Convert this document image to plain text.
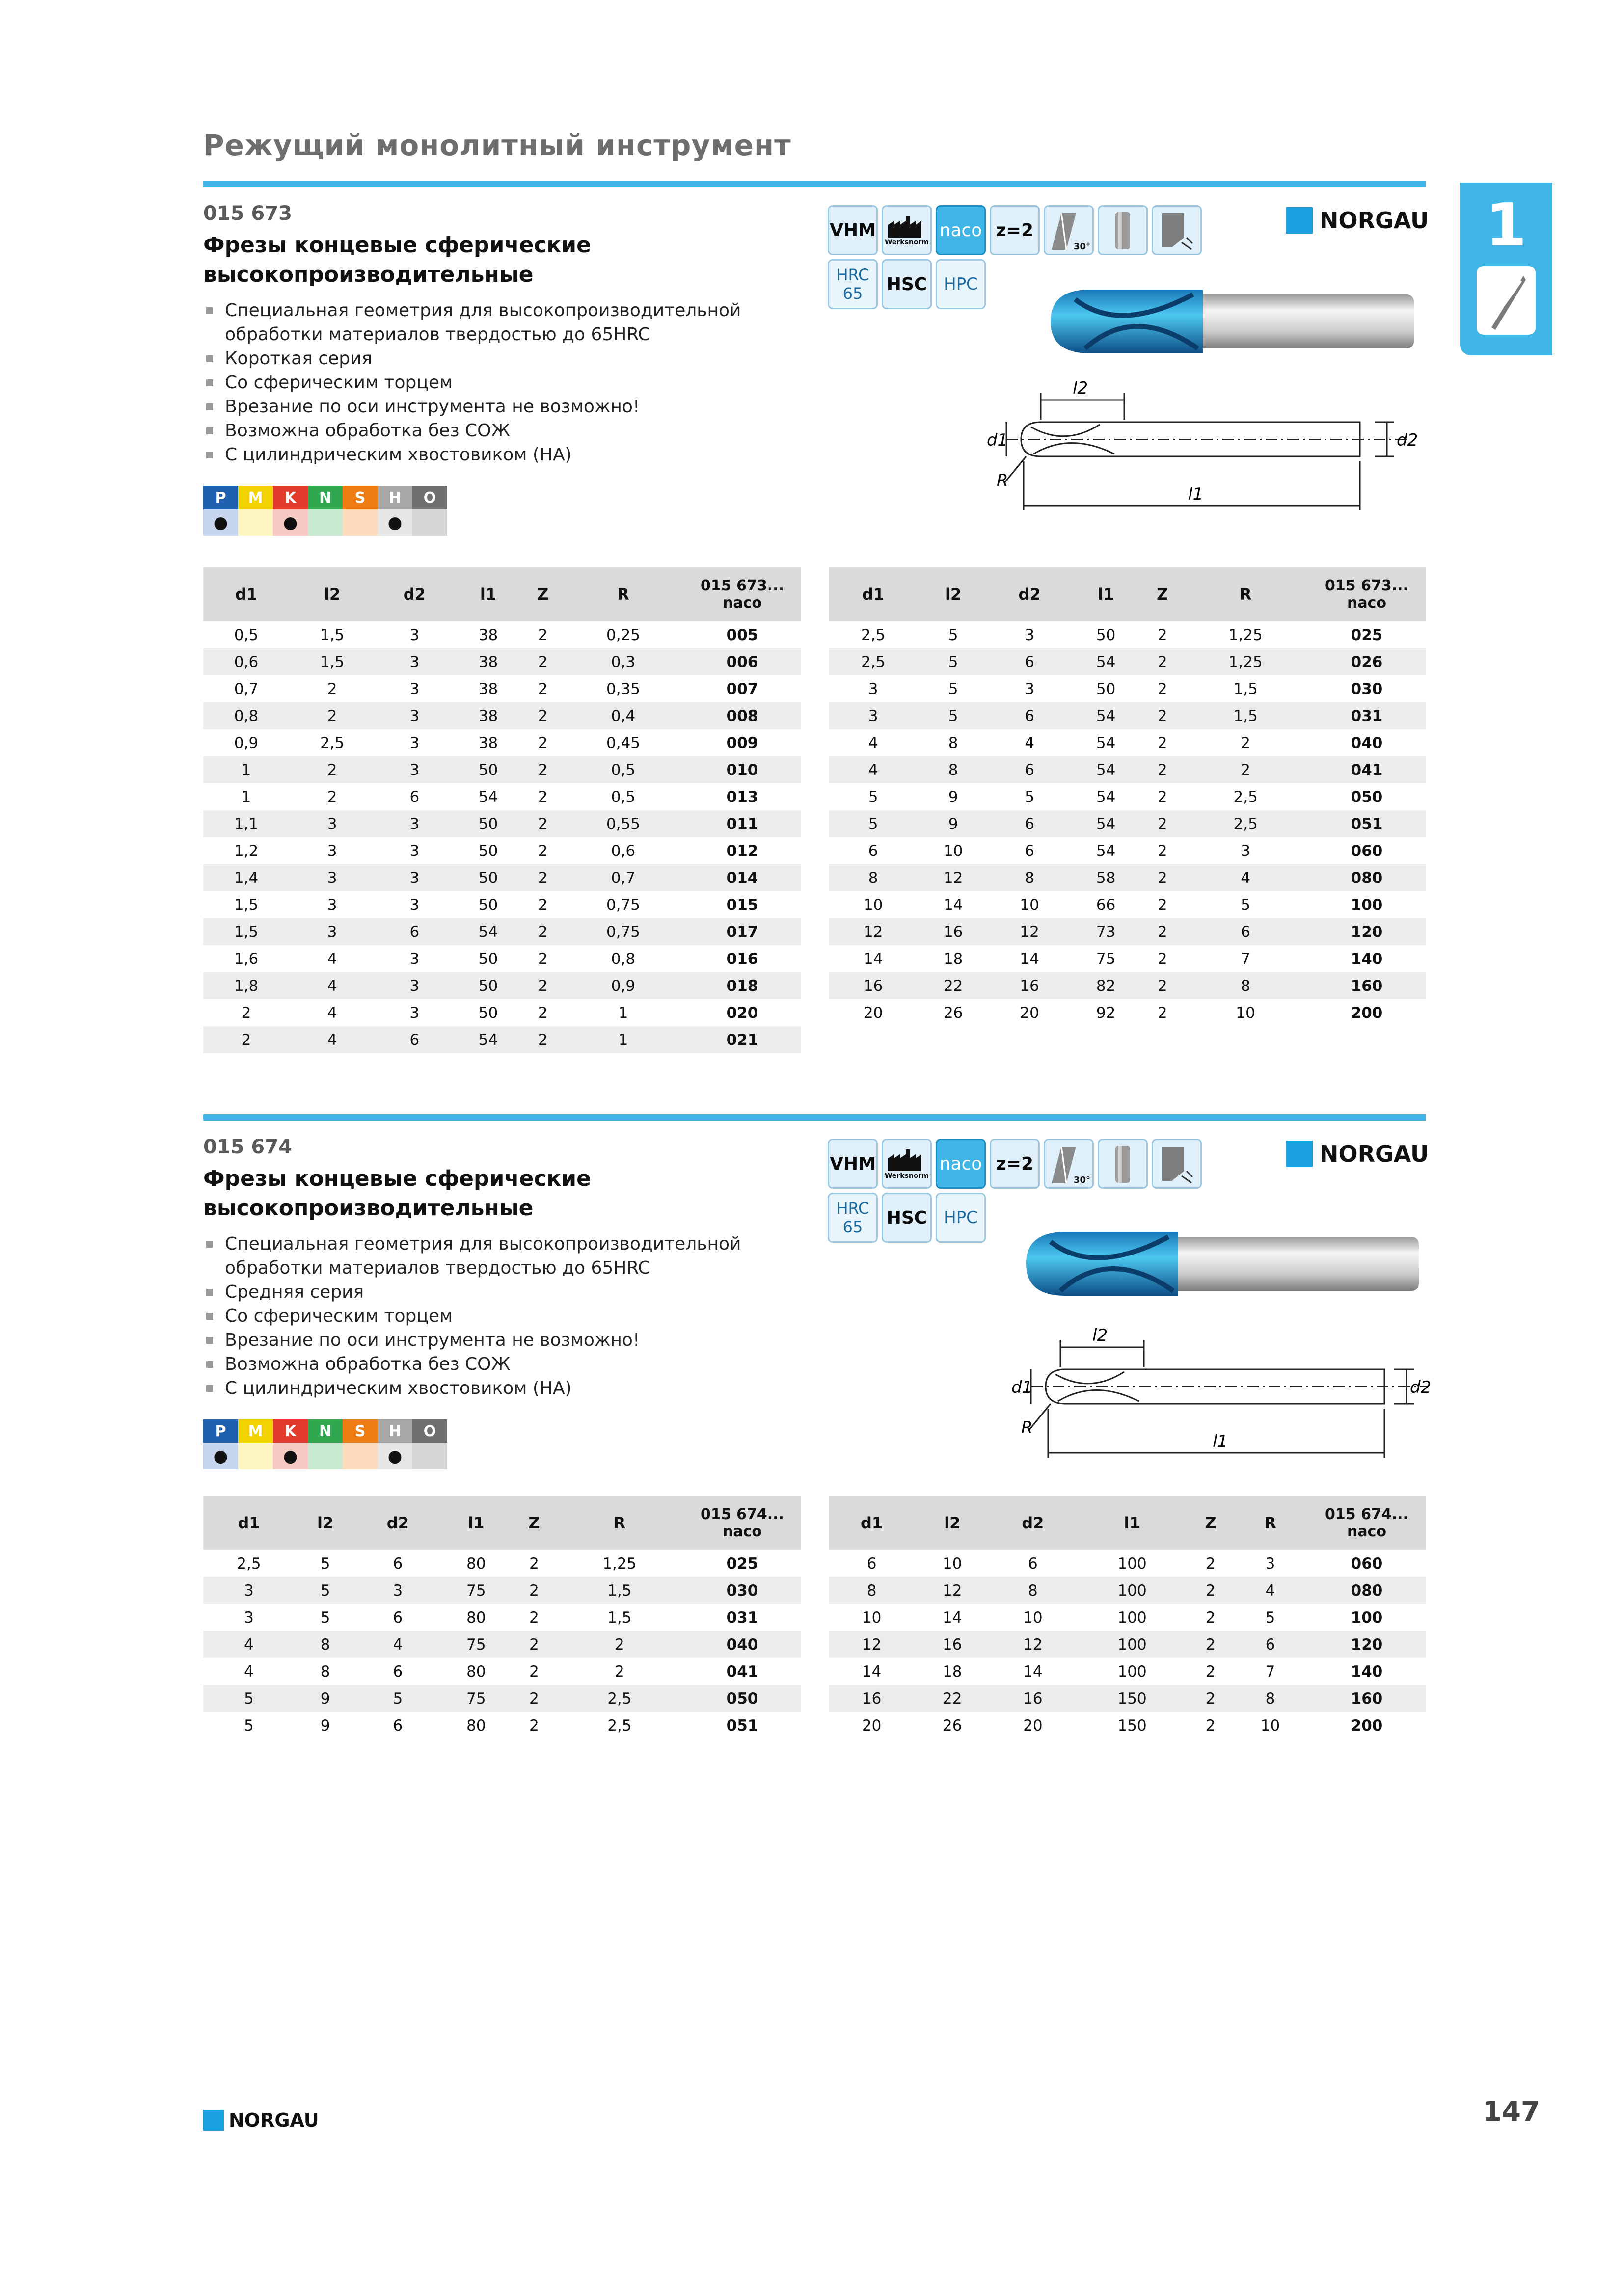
Режущий монолитный инструмент
1
015 673
Фрезы концевые сферические
высокопроизводительные
Специальная геометрия для высокопроизводительной
обработки материалов твердостью до 65HRC
Короткая серия
Со сферическим торцем
Врезание по оси инструмента не возможно!
Возможна обработка без СОЖ
С цилиндрическим хвостовиком (HA)
P	M	K	N	S	H	O
●		●			●	
VHM
Werksnorm
naco z=2
30°
HRC
65 HSC HPC
NORGAU
l2
d1	d2
R
l1
d1	l2	d2	l1	Z	R	015 673...
naco

0,5	1,5	3	38	2	0,25	005
0,6	1,5	3	38	2	0,3	006
0,7	2	3	38	2	0,35	007
0,8	2	3	38	2	0,4	008
0,9	2,5	3	38	2	0,45	009
1	2	3	50	2	0,5	010
1	2	6	54	2	0,5	013
1,1	3	3	50	2	0,55	011
1,2	3	3	50	2	0,6	012
1,4	3	3	50	2	0,7	014
1,5	3	3	50	2	0,75	015
1,5	3	6	54	2	0,75	017
1,6	4	3	50	2	0,8	016
1,8	4	3	50	2	0,9	018
2	4	3	50	2	1	020
2	4	6	54	2	1	021
d1	l2	d2	l1	Z	R	015 673...
naco

2,5	5	3	50	2	1,25	025
2,5	5	6	54	2	1,25	026
3	5	3	50	2	1,5	030
3	5	6	54	2	1,5	031
4	8	4	54	2	2	040
4	8	6	54	2	2	041
5	9	5	54	2	2,5	050
5	9	6	54	2	2,5	051
6	10	6	54	2	3	060
8	12	8	58	2	4	080
10	14	10	66	2	5	100
12	16	12	73	2	6	120
14	18	14	75	2	7	140
16	22	16	82	2	8	160
20	26	20	92	2	10	200
015 674
Фрезы концевые сферические
высокопроизводительные
Специальная геометрия для высокопроизводительной
обработки материалов твердостью до 65HRC
Средняя серия
Со сферическим торцем
Врезание по оси инструмента не возможно!
Возможна обработка без СОЖ
С цилиндрическим хвостовиком (HA)
P	M	K	N	S	H	O
●		●			●	
VHM
Werksnorm
naco z=2
30°
HRC
65 HSC HPC
NORGAU
l2
d1	d2
R
l1
d1	l2	d2	l1	Z	R	015 674...
naco

2,5	5	6	80	2	1,25	025
3	5	3	75	2	1,5	030
3	5	6	80	2	1,5	031
4	8	4	75	2	2	040
4	8	6	80	2	2	041
5	9	5	75	2	2,5	050
5	9	6	80	2	2,5	051
d1	l2	d2	l1	Z	R	015 674...
naco

6	10	6	100	2	3	060
8	12	8	100	2	4	080
10	14	10	100	2	5	100
12	16	12	100	2	6	120
14	18	14	100	2	7	140
16	22	16	150	2	8	160
20	26	20	150	2	10	200
NORGAU	147
